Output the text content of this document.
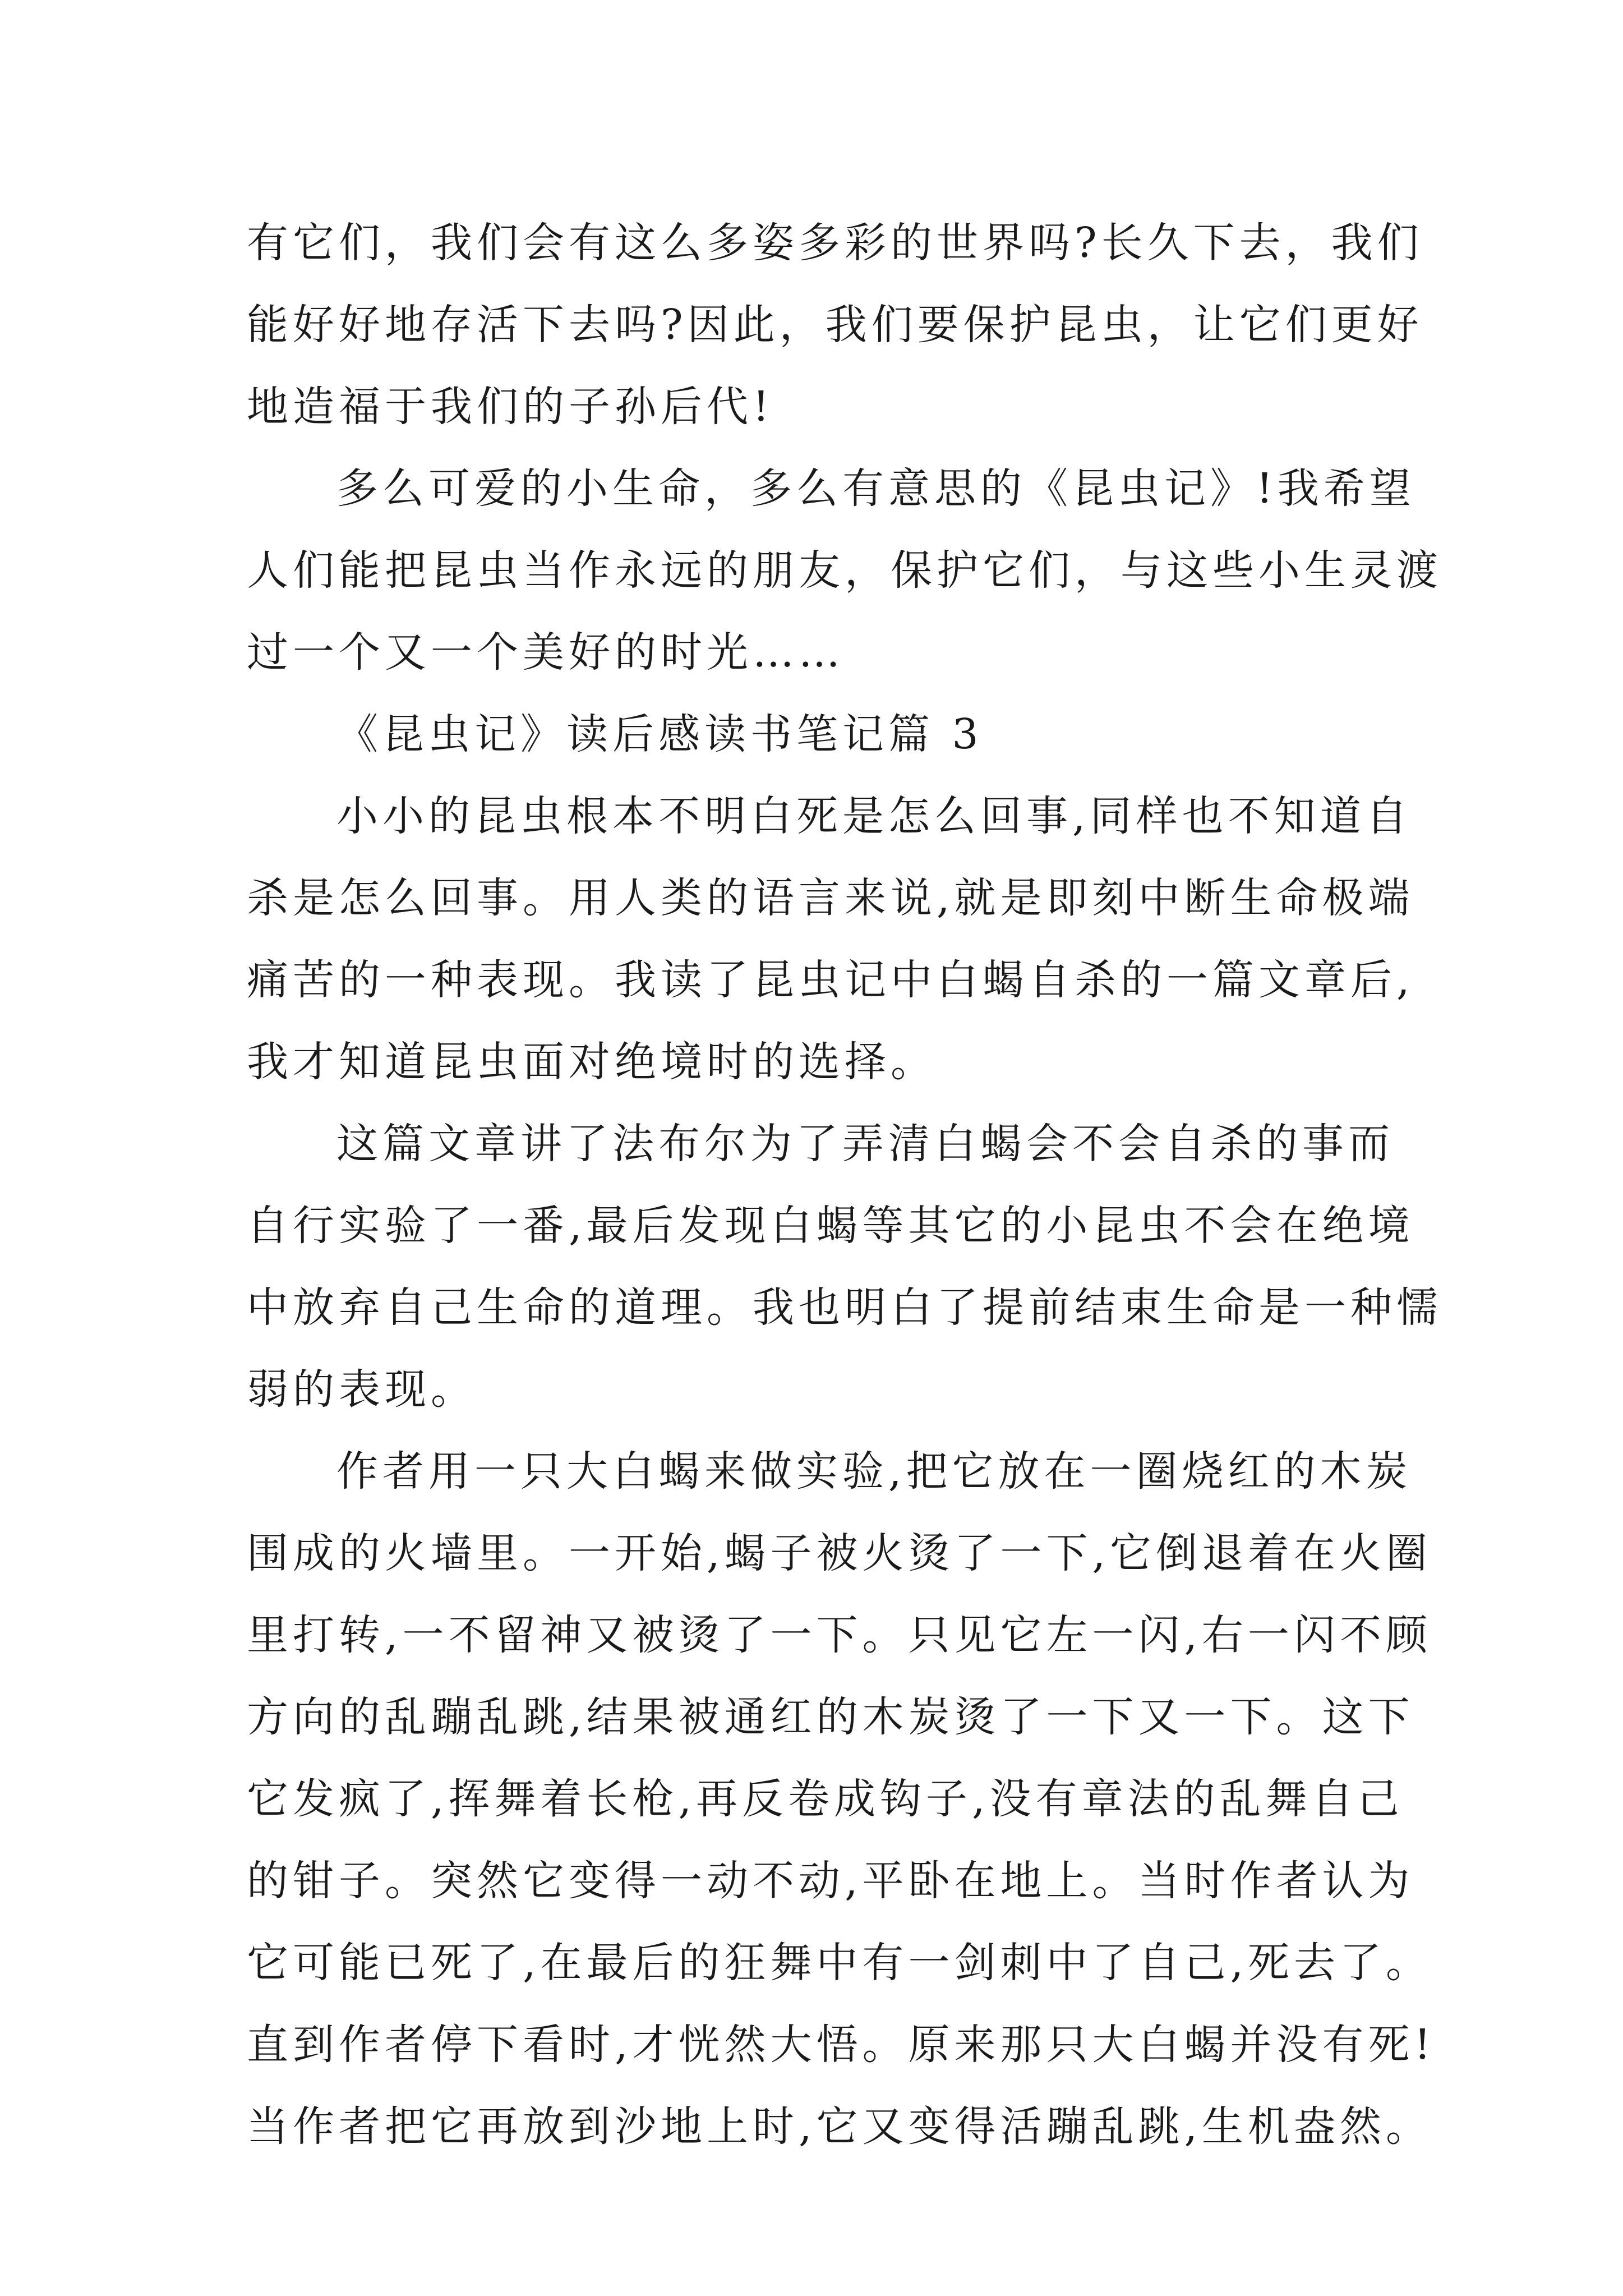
有它们，我们会有这么多姿多彩的世界吗?长久下去，我们
能好好地存活下去吗?因此，我们要保护昆虫，让它们更好
地造福于我们的子孙后代!
多么可爱的小生命，多么有意思的《昆虫记》!我希望
人们能把昆虫当作永远的朋友，保护它们，与这些小生灵渡
过一个又一个美好的时光……
《昆虫记》读后感读书笔记篇 3
小小的昆虫根本不明白死是怎么回事,同样也不知道自
杀是怎么回事。用人类的语言来说,就是即刻中断生命极端
痛苦的一种表现。我读了昆虫记中白蝎自杀的一篇文章后,
我才知道昆虫面对绝境时的选择。
这篇文章讲了法布尔为了弄清白蝎会不会自杀的事而
自行实验了一番,最后发现白蝎等其它的小昆虫不会在绝境
中放弃自己生命的道理。我也明白了提前结束生命是一种懦
弱的表现。
作者用一只大白蝎来做实验,把它放在一圈烧红的木炭
围成的火墙里。一开始,蝎子被火烫了一下,它倒退着在火圈
里打转,一不留神又被烫了一下。只见它左一闪,右一闪不顾
方向的乱蹦乱跳,结果被通红的木炭烫了一下又一下。这下
它发疯了,挥舞着长枪,再反卷成钩子,没有章法的乱舞自己
的钳子。突然它变得一动不动,平卧在地上。当时作者认为
它可能已死了,在最后的狂舞中有一剑刺中了自己,死去了。
直到作者停下看时,才恍然大悟。原来那只大白蝎并没有死!
当作者把它再放到沙地上时,它又变得活蹦乱跳,生机盎然。
